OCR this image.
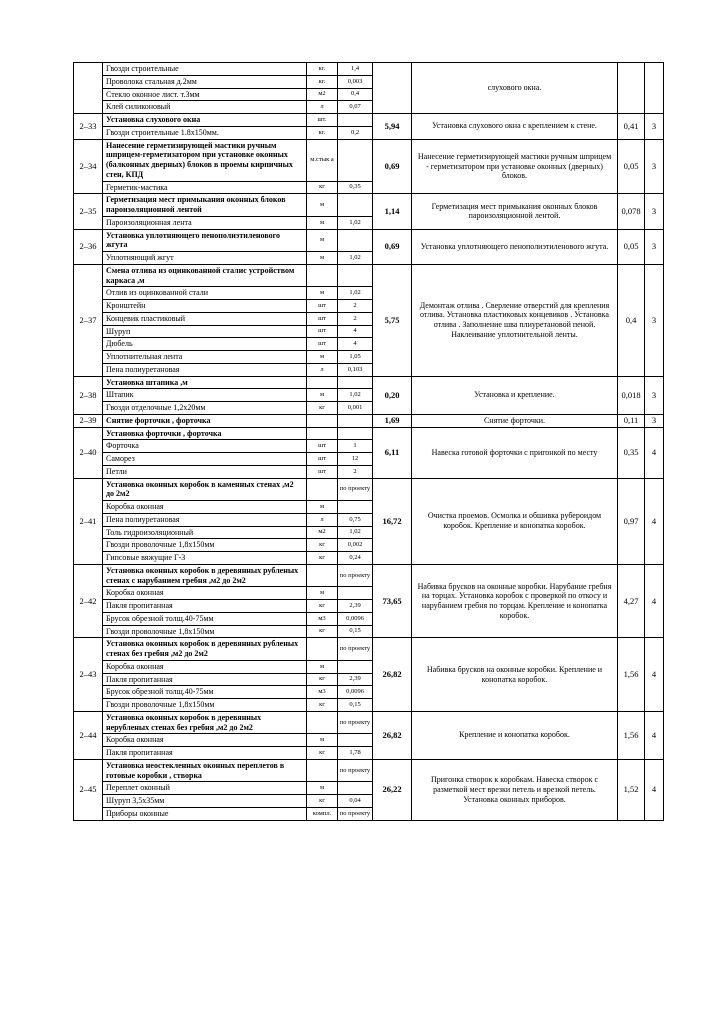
	Гвозди строительные	кг.	1,4		слухового окна.		
	Проволока стальная д.2мм	кг.	0,003				
	Стекло оконное лист. т.3мм	м2	0,4				
	Клей силиконовый	л	0,07				
2–33	Установка слухового окна	шт.		5,94	Установка слухового окна с креплением к стене.	0,41	3
	Гвозди строительные 1.8х150мм.	кг.	0,2				
2–34	Нанесение герметизирующей мастики ручным шприцем-герметизатором при установке оконных (балконных дверных) блоков в проемы кирпичных стен, КПД	м.стык а		0,69	Нанесение герметизирующей мастики ручным шприцем - герметизатором при установке оконных (дверных) блоков.	0,05	3
	Герметик-мастика	кг	0,35				
2–35	Герметизация мест примыкания оконных блоков пароизоляционной лентой	м		1,14	Герметизация мест примыкания оконных блоков пароизоляционной лентой.	0,078	3
	Пароизоляционная лента	м	1,02				
2–36	Установка уплотняющего пенополиэтиленового жгута	м		0,69	Установка уплотняющего пенополиэтиленового жгута.	0,05	3
	Уплотняющий жгут	м	1,02				
2–37	Смена отлива из оцинкованной сталис устройством каркаса ,м			5,75	Демонтаж отлива . Сверление отверстий для крепления отлива. Установка пластиковых концевиков . Установка отлива . Заполнение шва плиуретановой пеной. Наклеивание уплотнительной ленты.	0,4	3
	Отлив из оцинкованной стали	м	1,02				
	Кронштейн	шт	2				
	Концевик пластиковый	шт	2				
	Шуруп	шт	4				
	Дюбель	шт	4				
	Уплотнительная лента	м	1,05				
	Пена полиуретановая	л	0,103				
2–38	Установка штапика ,м			0,20	Установка и крепление.	0,018	3
	Штапик	м	1,02				
	Гвозди отделочные 1,2х20мм	кг	0,001				
2–39	Снятие форточки , форточка			1,69	Снятие форточки.	0,11	3
2–40	Установка форточки , форточка			6,11	Навеска готовой форточки с пригонкой по месту	0,35	4
	Форточка	шт	1				
	Саморез	шт	12				
	Петли	шт	2				
2–41	Установка оконных коробок в каменных стенах ,м2 до 2м2		по проекту	16,72	Очистка проемов. Осмолка и обшивка рубероидом коробок. Крепление и конопатка коробок.	0,97	4
	Коробка оконная	м					
	Пена полиуретановая	л	0,75				
	Толь гидроизоляционный	м2	1,02				
	Гвозди проволочные 1,8х150мм	кг	0,002				
	Гипсовые вяжущие Г-3	кг	0,24				
2–42	Установка оконных коробок в деревянных рубленых стенах с нарубанием гребня ,м2 до 2м2		по проекту	73,65	Набивка брусков на оконные коробки. Нарубание гребня на торцах. Установка коробок с проверкой по откосу и нарубанием гребня по торцам. Крепление и конопатка коробок.	4,27	4
	Коробка оконная	м					
	Пакля пропитанная	кг	2,39				
	Брусок обрезной толщ.40-75мм	м3	0,0096				
	Гвозди проволочные 1,8х150мм	кг	0,15				
2–43	Установка оконных коробок в деревянных рубленых стенах без гребня ,м2 до 2м2		по проекту	26,82	Набивка брусков на оконные коробки. Крепление и конопатка коробок.	1,56	4
	Коробка оконная	м					
	Пакля пропитанная	кг	2,39				
	Брусок обрезной толщ.40-75мм	м3	0,0096				
	Гвозди проволочные 1,8х150мм	кг	0,15				
2–44	Установка оконных коробок в деревянных нерубленых стенах без гребня ,м2 до 2м2		по проекту	26,82	Крепление и конопатка коробок.	1,56	4
	Коробка оконная	м					
	Пакля пропитанная	кг	1,78				
2–45	Установка неостекленных оконных переплетов в готовые коробки , створка		по проекту	26,22	Пригонка створок к коробкам. Навеска створок с разметкой мест врезки петель и врезкой петель. Установка оконных приборов.	1,52	4
	Переплет оконный	м					
	Шуруп 3,5х35мм	кг	0,04				
	Приборы оконные	компл.	по проекту				
